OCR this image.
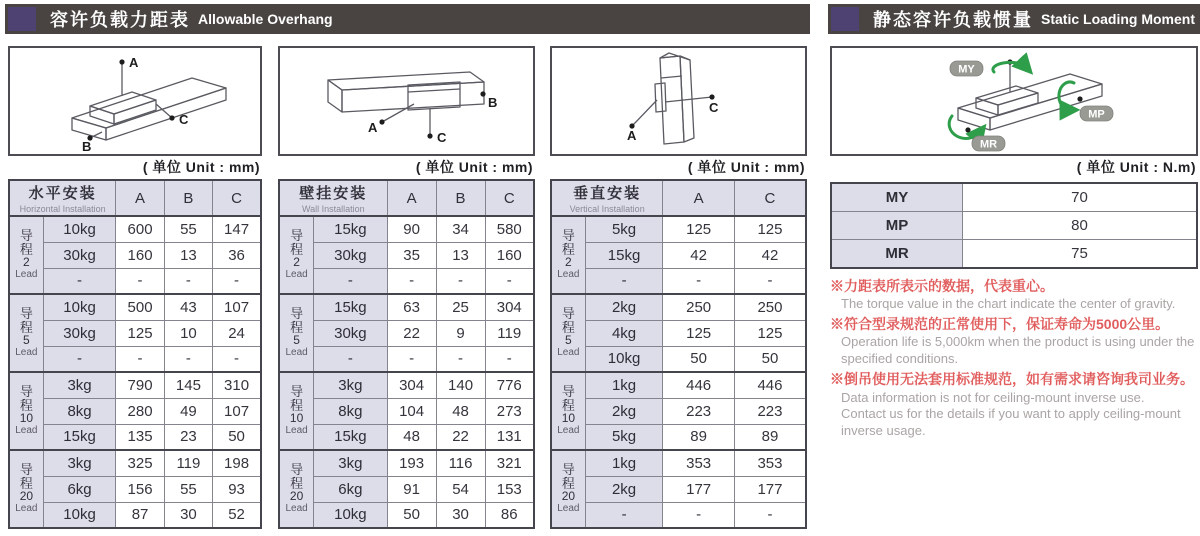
容许负载力距表 Allowable Overhang	静态容许负载惯量 Static Loading Moment
A
B
C
( 单位 Unit : mm)
水平安装
Horizontal Installation		A	B	C

导
程
2
Lead	10kg	600	55	147
	30kg	160	13	36
	-	-	-	-

导
程
5
Lead	10kg	500	43	107
	30kg	125	10	24
	-	-	-	-

导
程
10
Lead	3kg	790	145	310
	8kg	280	49	107
	15kg	135	23	50

导
程
20
Lead	3kg	325	119	198
	6kg	156	55	93
	10kg	87	30	52
B
A
C
( 单位 Unit : mm)
壁挂安装
Wall Installation		A	B	C

导
程
2
Lead	15kg	90	34	580
	30kg	35	13	160
	-	-	-	-

导
程
5
Lead	15kg	63	25	304
	30kg	22	9	119
	-	-	-	-

导
程
10
Lead	3kg	304	140	776
	8kg	104	48	273
	15kg	48	22	131

导
程
20
Lead	3kg	193	116	321
	6kg	91	54	153
	10kg	50	30	86
A
C
( 单位 Unit : mm)
垂直安装
Vertical Installation		A	C

导
程
2
Lead	5kg	125	125
	15kg	42	42
	-	-	-

导
程
5
Lead	2kg	250	250
	4kg	125	125
	10kg	50	50

导
程
10
Lead	1kg	446	446
	2kg	223	223
	5kg	89	89

导
程
20
Lead	1kg	353	353
	2kg	177	177
	-	-	-
MY
MP
MR
( 单位 Unit : N.m)
MY	70
MP	80
MR	75
※力距表所表示的数据，代表重心。
The torque value in the chart indicate the center of gravity.
※符合型录规范的正常使用下，保证寿命为5000公里。
Operation life is 5,000km when the product is using under the specified conditions.
※倒吊使用无法套用标准规范，如有需求请咨询我司业务。
Data information is not for ceiling-mount inverse use.
Contact us for the details if you want to apply ceiling-mount inverse usage.
